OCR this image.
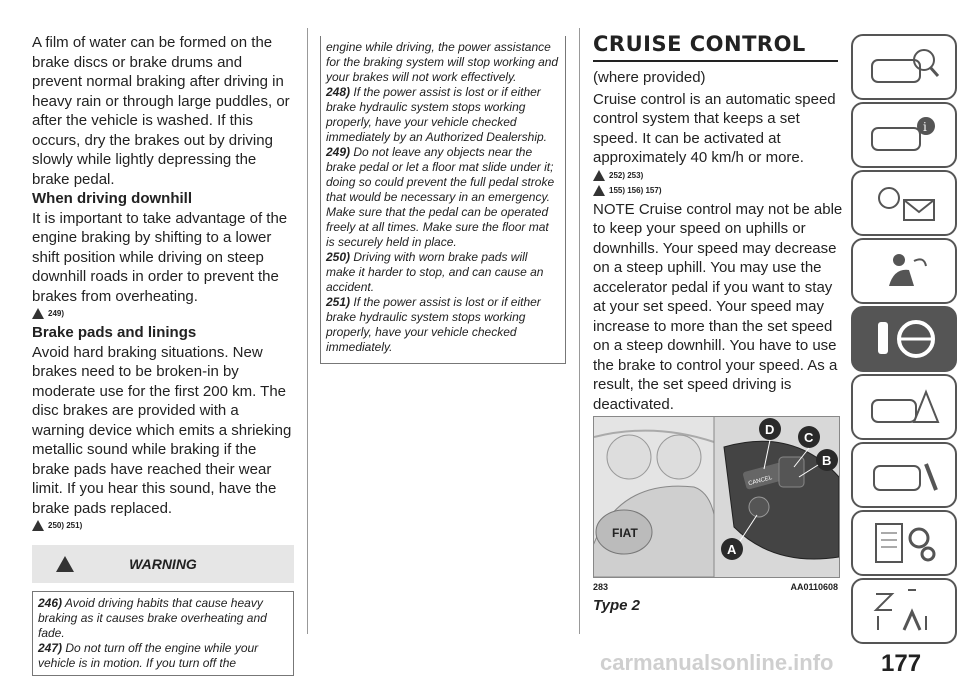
A film of water can be formed on the brake discs or brake drums and prevent normal braking after driving in heavy rain or through large puddles, or after the vehicle is washed. If this occurs, dry the brakes out by driving slowly while lightly depressing the brake pedal.

When driving downhill

It is important to take advantage of the engine braking by shifting to a lower shift position while driving on steep downhill roads in order to prevent the brakes from overheating.

249)
Brake pads and linings

Avoid hard braking situations. New brakes need to be broken-in by moderate use for the first 200 km. The disc brakes are provided with a warning device which emits a shrieking metallic sound while braking if the brake pads have reached their wear limit. If you hear this sound, have the brake pads replaced.

250) 251)
WARNING

246) Avoid driving habits that cause heavy braking as it causes brake overheating and fade.

247) Do not turn off the engine while your vehicle is in motion. If you turn off the

engine while driving, the power assistance for the braking system will stop working and your brakes will not work effectively.

248) If the power assist is lost or if either brake hydraulic system stops working properly, have your vehicle checked immediately by an Authorized Dealership.

249) Do not leave any objects near the brake pedal or let a floor mat slide under it; doing so could prevent the full pedal stroke that would be necessary in an emergency. Make sure that the pedal can be operated freely at all times. Make sure the floor mat is securely held in place.

250) Driving with worn brake pads will make it harder to stop, and can cause an accident.

251) If the power assist is lost or if either brake hydraulic system stops working properly, have your vehicle checked immediately.

CRUISE CONTROL

(where provided)

Cruise control is an automatic speed control system that keeps a set speed. It can be activated at approximately 40 km/h or more.

252) 253)
155) 156) 157)

NOTE Cruise control may not be able to keep your speed on uphills or downhills. Your speed may decrease on a steep uphill. You may use the accelerator pedal if you want to stay at your set speed. Your speed may increase to more than the set speed on a steep downhill. You have to use the brake to control your speed. As a result, the set speed driving is deactivated.

FIAT
CANCEL
D
C
B
A
283	AA0110608
Type 2
i
carmanualsonline.info 177
